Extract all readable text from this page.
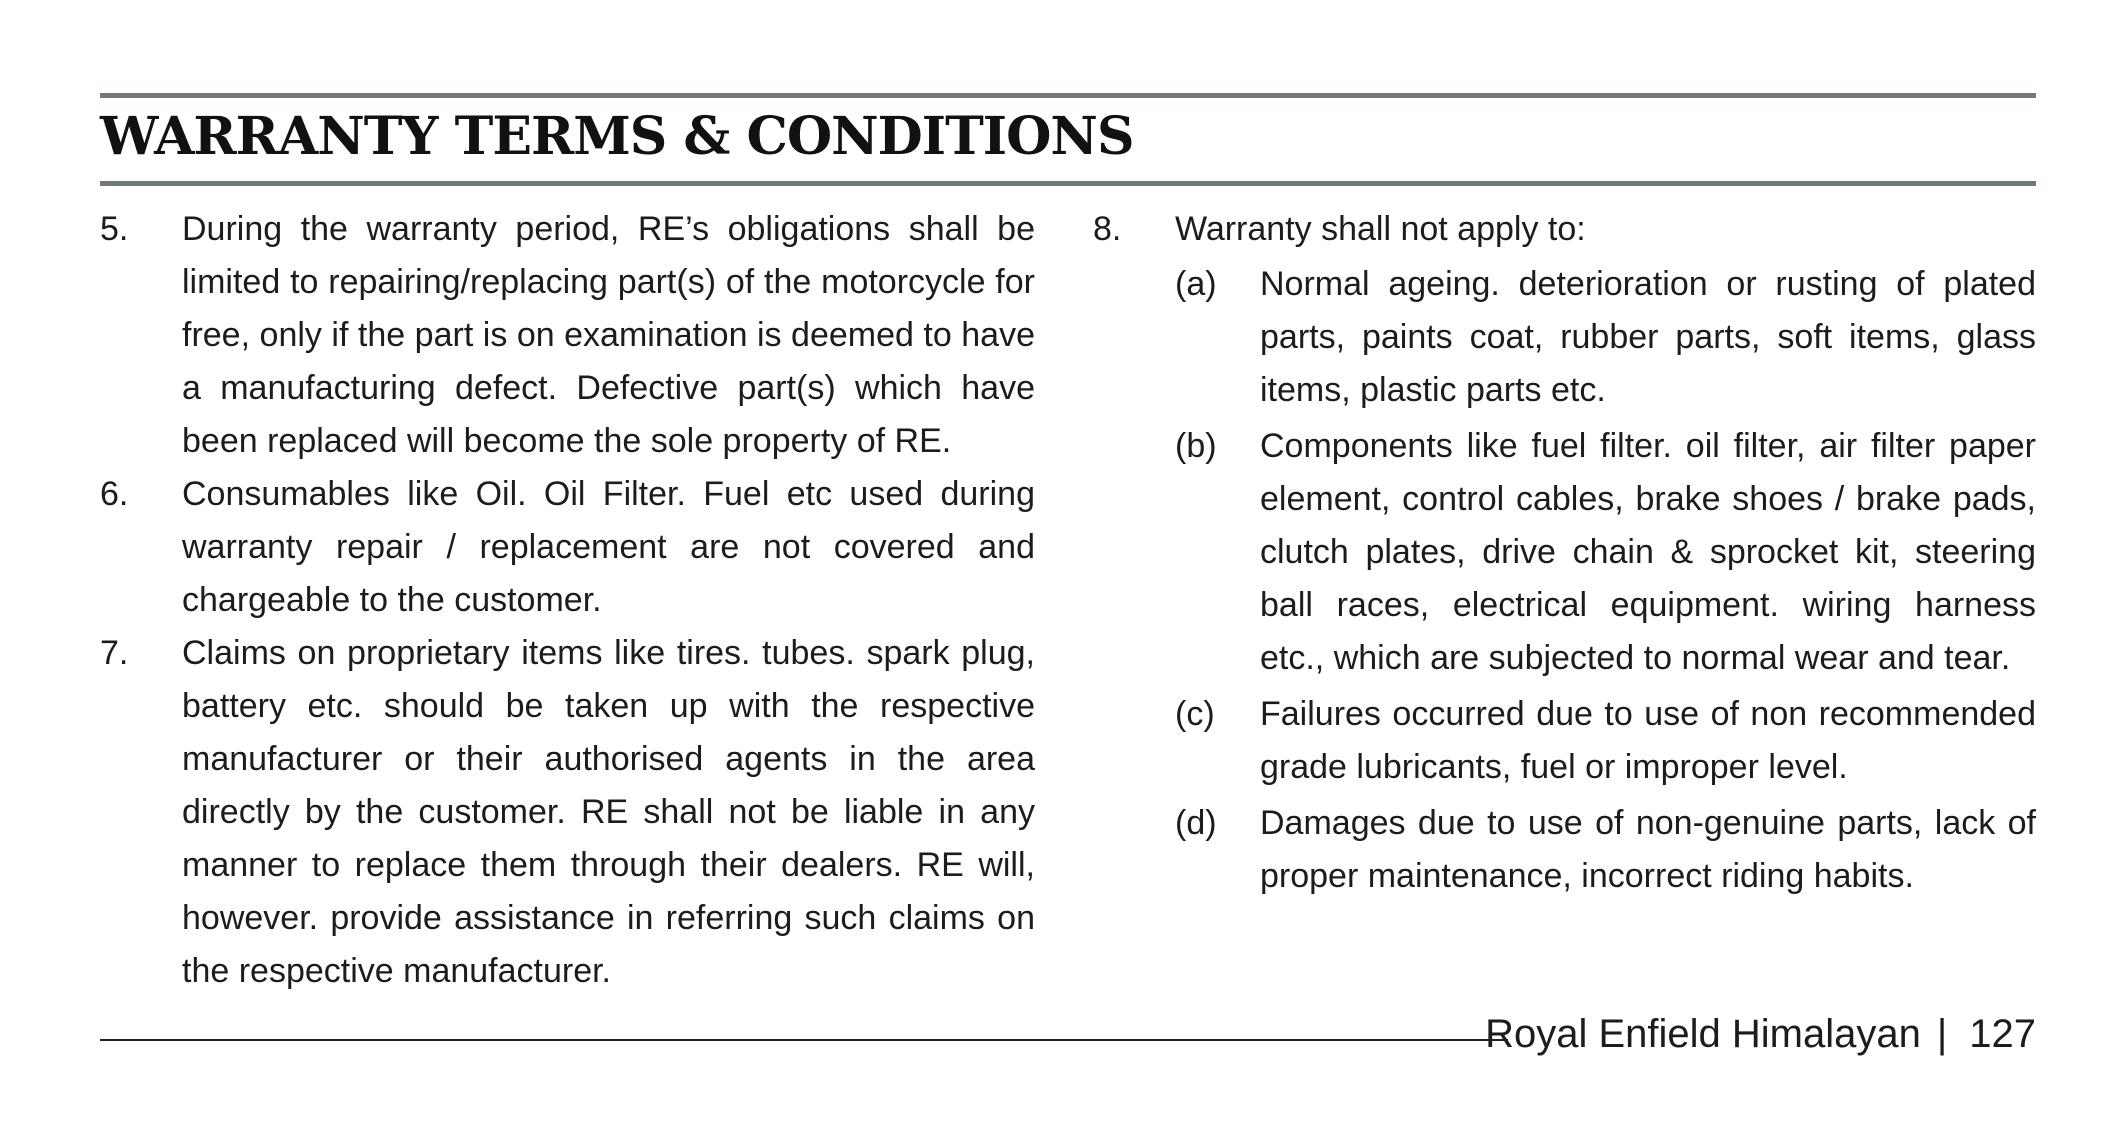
WARRANTY TERMS & CONDITIONS
5.	During the warranty period, RE’s obligations shall be limited to repairing/replacing part(s) of the motorcycle for free, only if the part is on examination is deemed to have a manufacturing defect. Defective part(s) which have been replaced will become the sole property of RE.
6.	Consumables like Oil. Oil Filter. Fuel etc used during warranty repair / replacement are not covered and chargeable to the customer.
7.	Claims on proprietary items like tires. tubes. spark plug, battery etc. should be taken up with the respective manufacturer or their authorised agents in the area directly by the customer. RE shall not be liable in any manner to replace them through their dealers. RE will, however. provide assistance in referring such claims on the respective manufacturer.
8.	Warranty shall not apply to:
(a)	Normal ageing. deterioration or rusting of plated parts, paints coat, rubber parts, soft items, glass items, plastic parts etc.
(b)	Components like fuel filter. oil filter, air filter paper element, control cables, brake shoes / brake pads, clutch plates, drive chain & sprocket kit, steering ball races, electrical equipment. wiring harness etc., which are subjected to normal wear and tear.
(c)	Failures occurred due to use of non recommended grade lubricants, fuel or improper level.
(d)	Damages due to use of non-genuine parts, lack of proper maintenance, incorrect riding habits.
Royal Enfield Himalayan | 127
